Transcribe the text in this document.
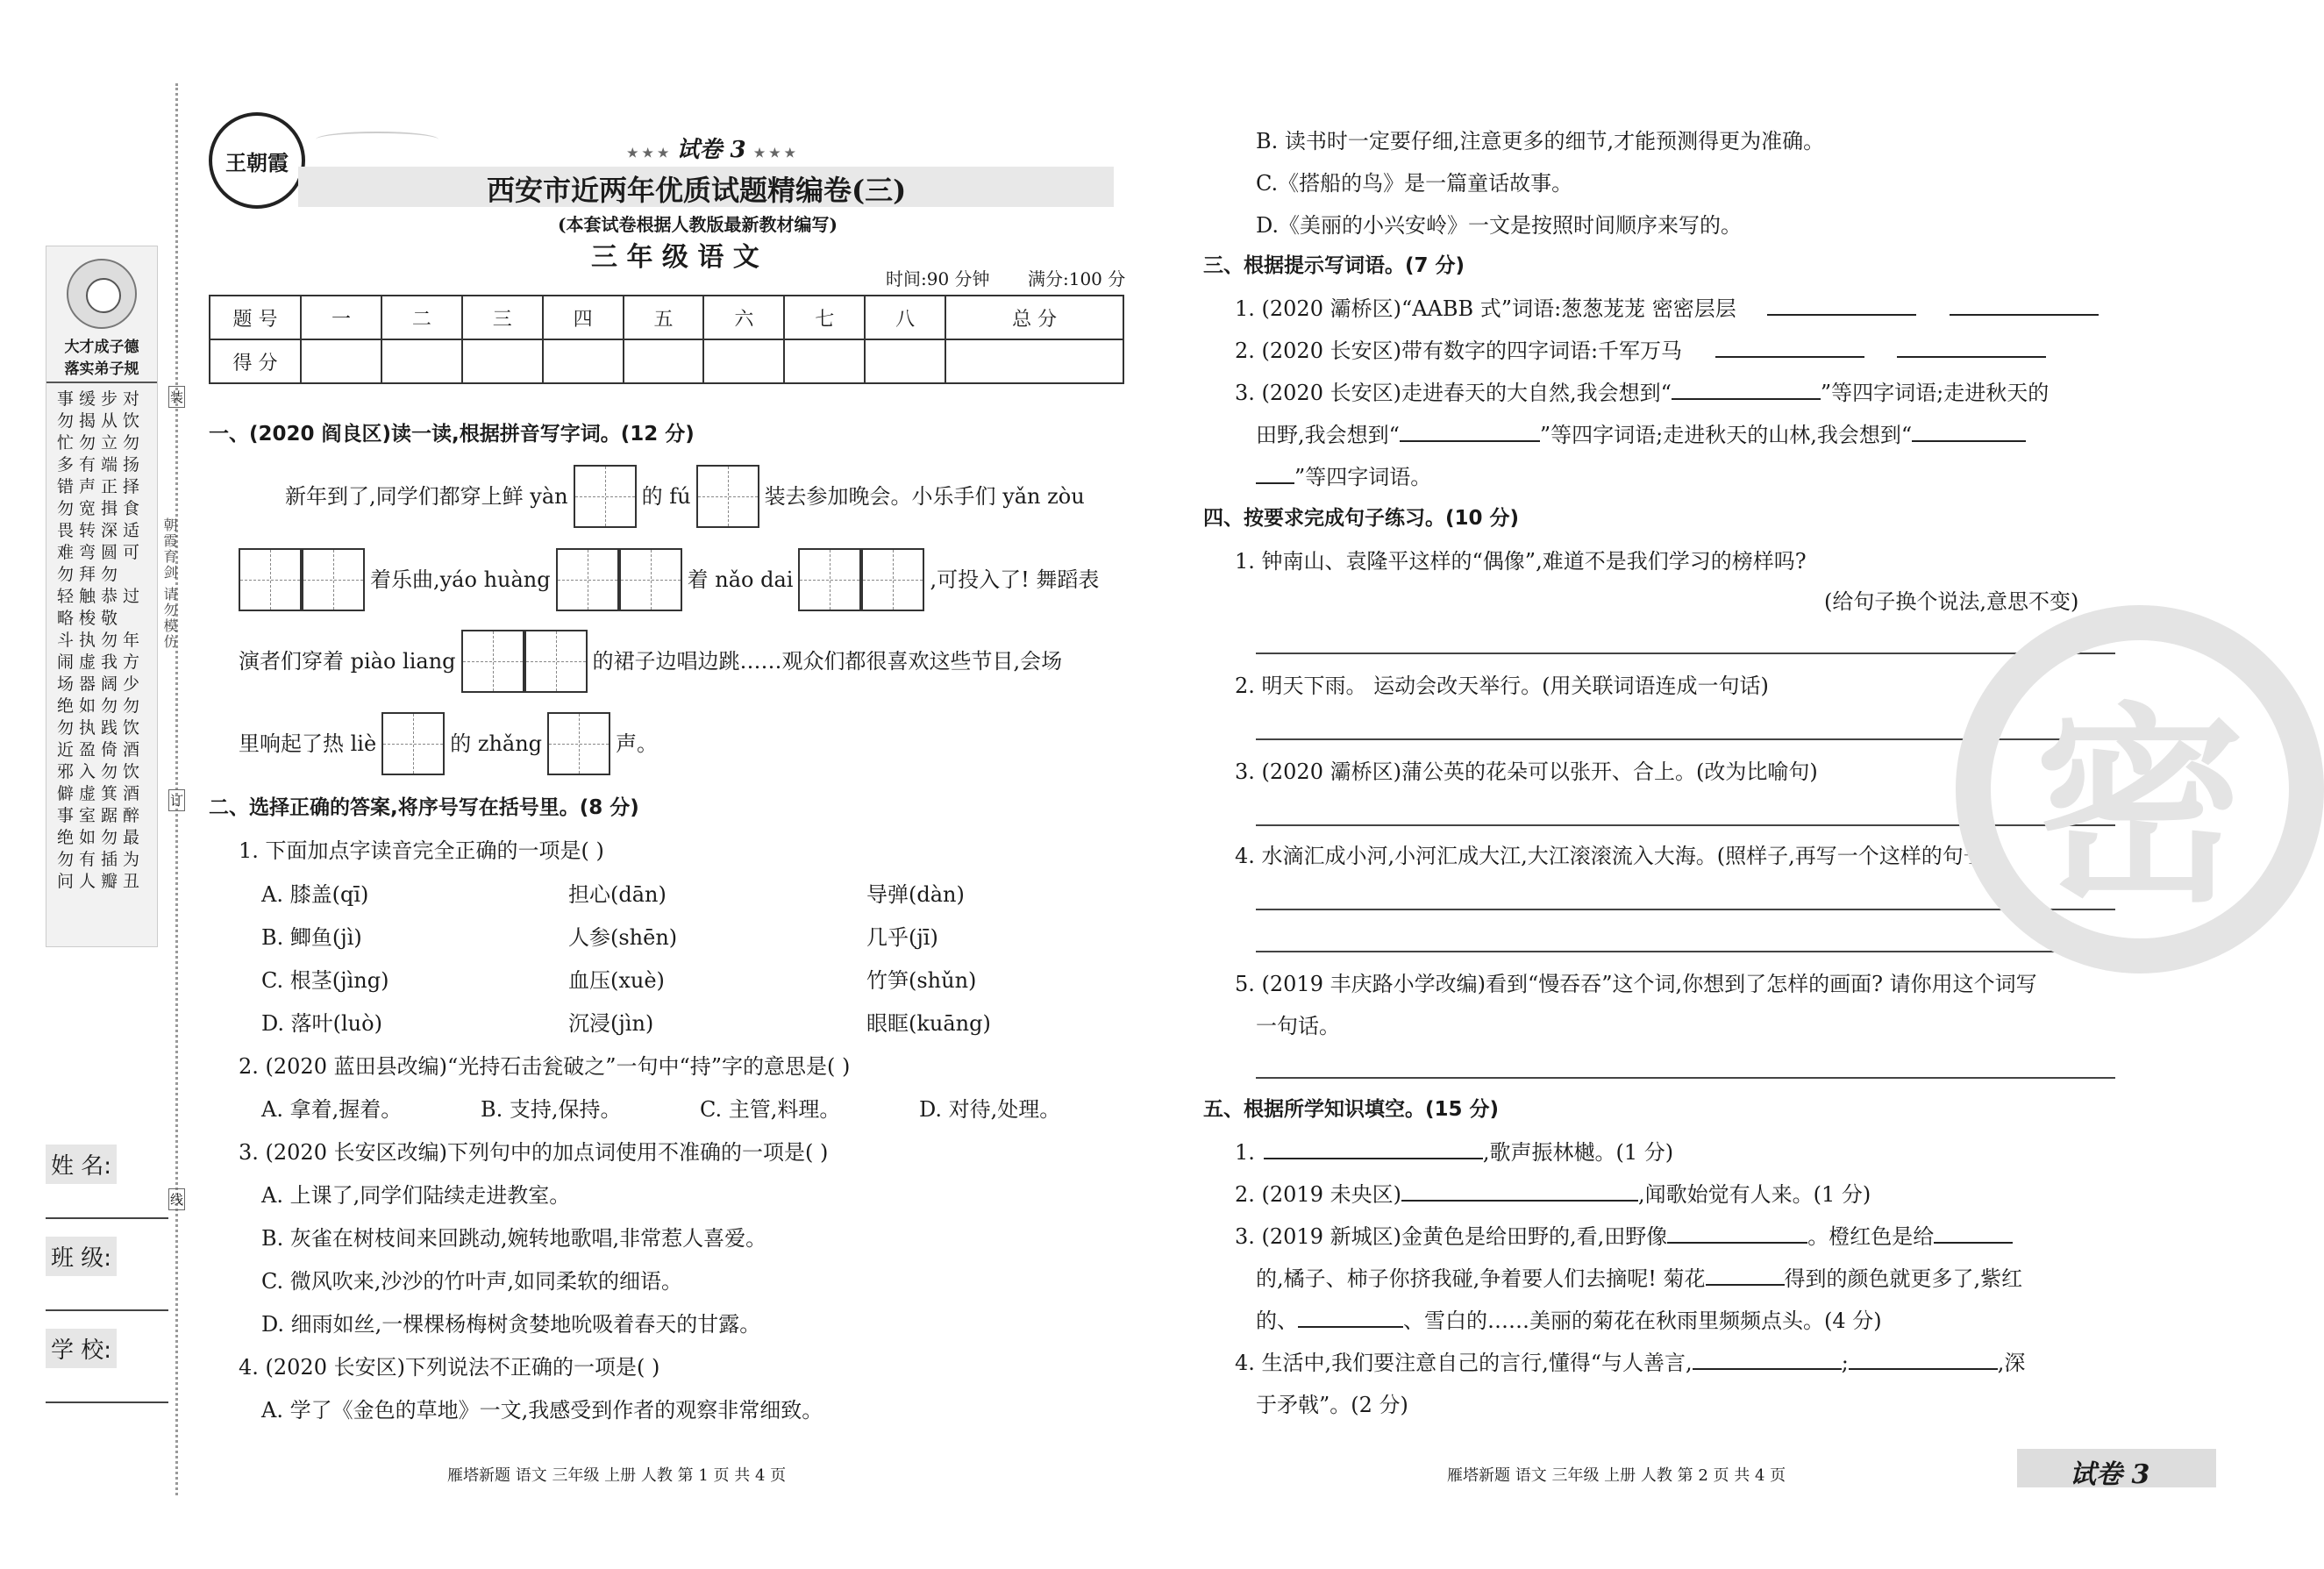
大才成子德
落实弟子规
事缓步对
勿揭从饮
忙勿立勿
多有端扬
错声正择
勿宽揖食
畏转深适
难弯圆可
勿拜勿
轻触恭过
略梭敬
斗执勿年
闹虚我方
场器阔少
绝如勿勿
勿执践饮
近盈倚酒
邪入勿饮
僻虚箕酒
事室踞醉
绝如勿最
勿有插为
问人瓣丑
朝霞育剑 请勿模仿
装
订
线
姓 名:
班 级:
学 校:
王朝霞	★ ★ ★ 试卷 3 ★ ★ ★
西安市近两年优质试题精编卷(三)
(本套试卷根据人教版最新教材编写)
三 年 级 语 文
时间:90 分钟 满分:100 分
题 号	一	二	三	四	五	六	七	八	总 分
得 分									
一、(2020 阎良区)读一读,根据拼音写字词。(12 分)
新年到了,同学们都穿上鲜 yàn	的 fú	装去参加晚会。小乐手们 yǎn zòu
着乐曲,yáo huàng	着 nǎo dai	,可投入了! 舞蹈表
演者们穿着 piào liang	的裙子边唱边跳……观众们都很喜欢这些节目,会场
里响起了热 liè	的 zhǎng	声。
二、选择正确的答案,将序号写在括号里。(8 分)
1. 下面加点字读音完全正确的一项是( )
A. 膝盖(qī)	担心(dān)	导弹(dàn)
B. 鲫鱼(jì)	人参(shēn)	几乎(jī)
C. 根茎(jìng)	血压(xuè)	竹笋(shǔn)
D. 落叶(luò)	沉浸(jìn)	眼眶(kuāng)
2. (2020 蓝田县改编)“光持石击瓮破之”一句中“持”字的意思是( )
A. 拿着,握着。	B. 支持,保持。	C. 主管,料理。	D. 对待,处理。
3. (2020 长安区改编)下列句中的加点词使用不准确的一项是( )
A. 上课了,同学们陆续走进教室。
B. 灰雀在树枝间来回跳动,婉转地歌唱,非常惹人喜爱。
C. 微风吹来,沙沙的竹叶声,如同柔软的细语。
D. 细雨如丝,一棵棵杨梅树贪婪地吮吸着春天的甘露。
4. (2020 长安区)下列说法不正确的一项是( )
A. 学了《金色的草地》一文,我感受到作者的观察非常细致。
雁塔新题 语文 三年级 上册 人教 第 1 页 共 4 页
B. 读书时一定要仔细,注意更多的细节,才能预测得更为准确。
C.《搭船的鸟》是一篇童话故事。
D.《美丽的小兴安岭》一文是按照时间顺序来写的。
三、根据提示写词语。(7 分)
1. (2020 灞桥区)“AABB 式”词语:葱葱茏茏 密密层层
2. (2020 长安区)带有数字的四字词语:千军万马
3. (2020 长安区)走进春天的大自然,我会想到“	”等四字词语;走进秋天的
田野,我会想到“	”等四字词语;走进秋天的山林,我会想到“
”等四字词语。
四、按要求完成句子练习。(10 分)
1. 钟南山、袁隆平这样的“偶像”,难道不是我们学习的榜样吗?
(给句子换个说法,意思不变)
2. 明天下雨。 运动会改天举行。(用关联词语连成一句话)
3. (2020 灞桥区)蒲公英的花朵可以张开、合上。(改为比喻句)
4. 水滴汇成小河,小河汇成大江,大江滚滚流入大海。(照样子,再写一个这样的句子)
5. (2019 丰庆路小学改编)看到“慢吞吞”这个词,你想到了怎样的画面? 请你用这个词写
一句话。
五、根据所学知识填空。(15 分)
1.	,歌声振林樾。(1 分)
2. (2019 未央区)	,闻歌始觉有人来。(1 分)
3. (2019 新城区)金黄色是给田野的,看,田野像	。橙红色是给
的,橘子、柿子你挤我碰,争着要人们去摘呢! 菊花	得到的颜色就更多了,紫红
的、	、雪白的……美丽的菊花在秋雨里频频点头。(4 分)
4. 生活中,我们要注意自己的言行,懂得“与人善言,	;	,深
于矛戟”。(2 分)
密
雁塔新题 语文 三年级 上册 人教 第 2 页 共 4 页	试卷 3
